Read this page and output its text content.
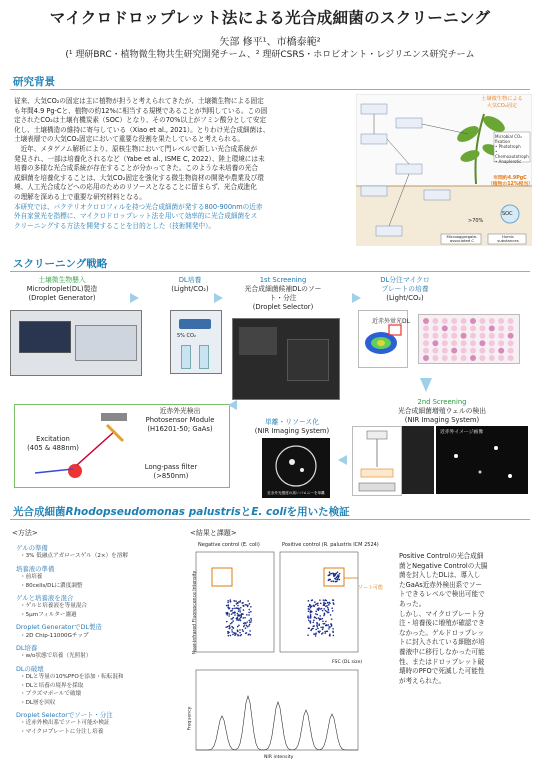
マイクロドロップレット法による光合成細菌のスクリーニング
矢部 修平¹、市橋泰範²
(¹ 理研BRC・植物微生物共生研究開発チーム、² 理研CSRS・ホロビオント・レジリエンス研究チーム
研究背景
従来、大気CO₂の固定は主に植物が担うと考えられてきたが、土壌微生物による固定
も年間4.9 Pg-Cと、植物の約12%に相当する規模であることが判明している。この固
定されたCO₂は土壌有機炭素（SOC）となり、その70%以上がフミン酸分として安定
化し、土壌構造の維持に寄与している（Xiao et al., 2021）。とりわけ光合成細菌は、
土壌表層での大気CO₂固定において重要な役割を果たしていると考えられる。
　近年、メタゲノム解析により、原核生物において門レベルで新しい光合成系統が
発見され、一部は培養化されるなど（Yabe et al., ISME C, 2022）、陸上環境には未
培養の多様な光合成系統が存在することが分かってきた。このような未培養の光合
成細菌を培養化することは、大気CO₂固定を強化する微生物資材の開発や農業及び環
境、人工光合成などへの応用のためのリソースとなることに留まらず、光合成進化
の理解を深める上で重要な研究材料となる。
本研究では、バクテリオクロロフィルを持つ光合成細菌が発する800-900nmの近赤
外自家蛍光を指標に、マイクロドロップレット法を用いて効率的に光合成細菌をス
クリーニングする方法を開発することを目的とした（技術開発中）。
土壌微生物による
大気CO₂固定
Microbial CO₂ fixation
• Phototroph
• Chemoautotroph
• Anaplerotic
年間約4.9PgC
（植物の12%相当）
SOC
>70%
Microaggregate-
associated C
Humic
substances
スクリーニング戦略
土壌微生物懸入
Microdroplet(DL)製造
(Droplet Generator)
DL培養
(Light/CO₂)
1st Screening
光合成細菌候補DLのソー
ト・分注
(Droplet Selector)
DL分注マイクロ
プレートの培養
(Light/CO₂)
5% CO₂
近赤外蛍光DL
Excitation
(405 & 488nm)
近赤外光検出
Photosensor Module
(H16201-50; GaAs)
Long-pass filter
(>850nm)
単離・リソース化
(NIR Imaging System)
近赤外光強度の高いコロニーを単離
2nd Screening
光合成細菌増殖ウェルの検出
(NIR Imaging System)
近赤外イメージ画像
光合成細菌Rhodopseudomonas palustrisとE. coliを用いた検証
<方法>	<結果と課題>
ゲルの準備
・3% 低融点アガロースゲル（2×）を溶解
培養液の準備
・前培養
・80cells/DLに濃度調整
ゲルと培養液を混合
・ゲルと培養液を等量混合
・5μmフィルター濾過
Droplet GeneratorでDL製造
・2D Chip-11000Gチップ
DL培養
・w/o状態で培養（光照射）
DLの破壊
・DLと等量の10%PFOを添加・転転混和
・DLと培養の境界を採取
・ブラズマポールで破壊
・DL層を回収
Droplet Selectorでソート・分注
・近赤外検出系でソート可能か検証
・マイクロプレートに分注し培養
Negative control (E. coli)	Positive control (R. palustris ICM 2524)
Near-infrared Fluorescence Intensity	ソート可能
FSC (DL size)
Frequency
NIR intensity
Positive Controlの光合成細
菌とNegative Controlの大腸
菌を封入したDLは、導入し
たGaAs近赤外検出系でソー
トできるレベルで検出可能で
あった。
しかし、マイクロプレート分
注・培養後に増殖が確認でき
なかった。ゲルドロップレッ
トに封入されている細胞が培
養液中に移行しなかった可能
性、またはドロップレット破
壊時のPFOで死滅した可能性
が考えられた。
